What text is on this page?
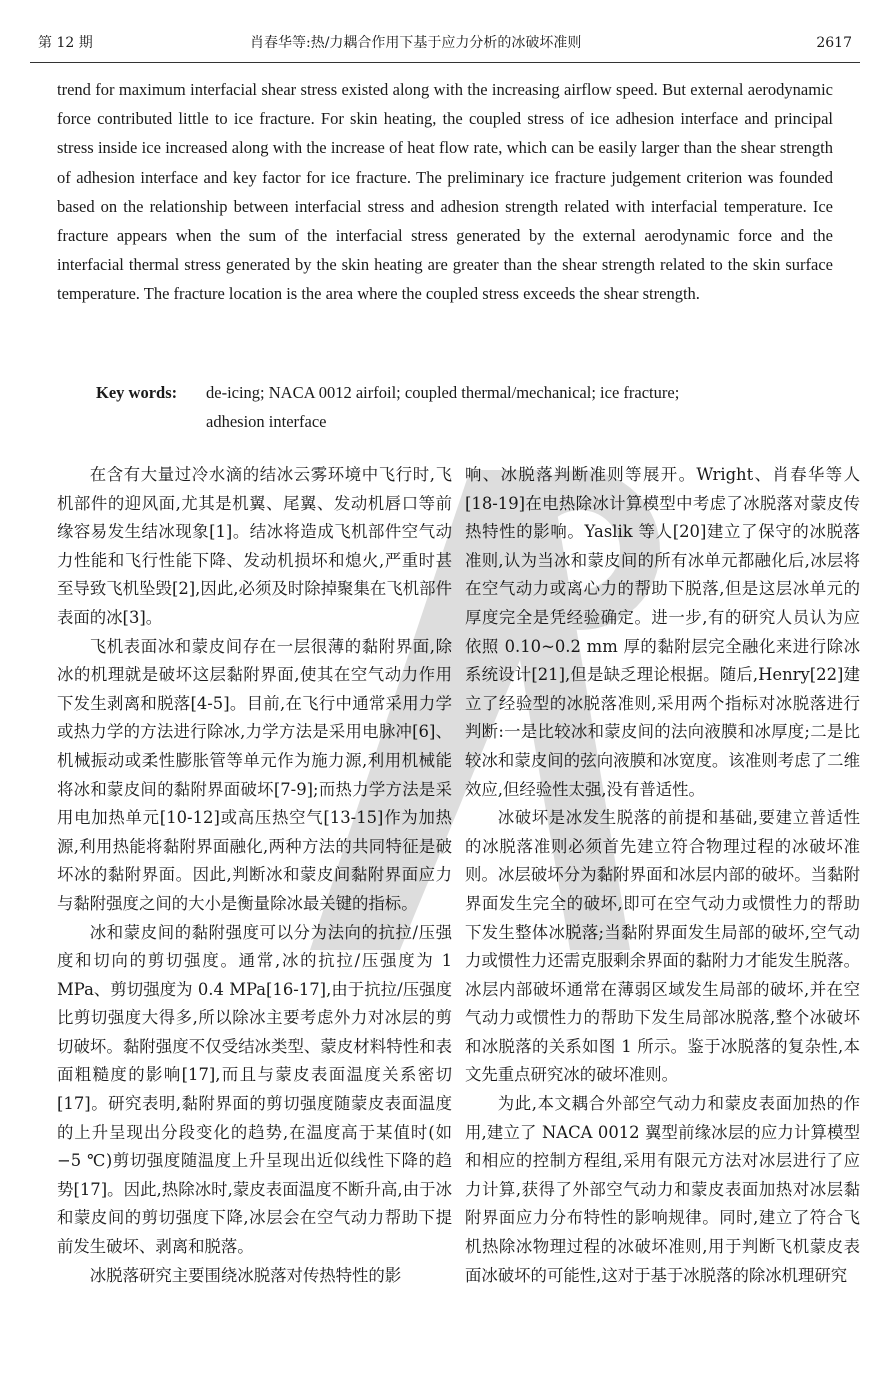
第 12 期	肖春华等:热/力耦合作用下基于应力分析的冰破坏准则	2617

trend for maximum interfacial shear stress existed along with the increasing airflow speed. But external aerodynamic force contributed little to ice fracture. For skin heating, the coupled stress of ice adhesion interface and principal stress inside ice increased along with the increase of heat flow rate, which can be easily larger than the shear strength of adhesion interface and key factor for ice fracture. The preliminary ice fracture judgement criterion was founded based on the relationship between interfacial stress and adhesion strength related with interfacial temperature. Ice fracture appears when the sum of the interfacial stress generated by the external aerodynamic force and the interfacial thermal stress generated by the skin heating are greater than the shear strength related to the skin surface temperature. The fracture location is the area where the coupled stress exceeds the shear strength.

Key words: de-icing; NACA 0012 airfoil; coupled thermal/mechanical; ice fracture;
adhesion interface

在含有大量过冷水滴的结冰云雾环境中飞行时,飞机部件的迎风面,尤其是机翼、尾翼、发动机唇口等前缘容易发生结冰现象[1]。结冰将造成飞机部件空气动力性能和飞行性能下降、发动机损坏和熄火,严重时甚至导致飞机坠毁[2],因此,必须及时除掉聚集在飞机部件表面的冰[3]。

飞机表面冰和蒙皮间存在一层很薄的黏附界面,除冰的机理就是破坏这层黏附界面,使其在空气动力作用下发生剥离和脱落[4-5]。目前,在飞行中通常采用力学或热力学的方法进行除冰,力学方法是采用电脉冲[6]、机械振动或柔性膨胀管等单元作为施力源,利用机械能将冰和蒙皮间的黏附界面破坏[7-9];而热力学方法是采用电加热单元[10-12]或高压热空气[13-15]作为加热源,利用热能将黏附界面融化,两种方法的共同特征是破坏冰的黏附界面。因此,判断冰和蒙皮间黏附界面应力与黏附强度之间的大小是衡量除冰最关键的指标。

冰和蒙皮间的黏附强度可以分为法向的抗拉/压强度和切向的剪切强度。通常,冰的抗拉/压强度为 1 MPa、剪切强度为 0.4 MPa[16-17],由于抗拉/压强度比剪切强度大得多,所以除冰主要考虑外力对冰层的剪切破坏。黏附强度不仅受结冰类型、蒙皮材料特性和表面粗糙度的影响[17],而且与蒙皮表面温度关系密切[17]。研究表明,黏附界面的剪切强度随蒙皮表面温度的上升呈现出分段变化的趋势,在温度高于某值时(如 −5 ℃)剪切强度随温度上升呈现出近似线性下降的趋势[17]。因此,热除冰时,蒙皮表面温度不断升高,由于冰和蒙皮间的剪切强度下降,冰层会在空气动力帮助下提前发生破坏、剥离和脱落。

冰脱落研究主要围绕冰脱落对传热特性的影

响、冰脱落判断准则等展开。Wright、肖春华等人[18-19]在电热除冰计算模型中考虑了冰脱落对蒙皮传热特性的影响。Yaslik 等人[20]建立了保守的冰脱落准则,认为当冰和蒙皮间的所有冰单元都融化后,冰层将在空气动力或离心力的帮助下脱落,但是这层冰单元的厚度完全是凭经验确定。进一步,有的研究人员认为应依照 0.10~0.2 mm 厚的黏附层完全融化来进行除冰系统设计[21],但是缺乏理论根据。随后,Henry[22]建立了经验型的冰脱落准则,采用两个指标对冰脱落进行判断:一是比较冰和蒙皮间的法向液膜和冰厚度;二是比较冰和蒙皮间的弦向液膜和冰宽度。该准则考虑了二维效应,但经验性太强,没有普适性。

冰破坏是冰发生脱落的前提和基础,要建立普适性的冰脱落准则必须首先建立符合物理过程的冰破坏准则。冰层破坏分为黏附界面和冰层内部的破坏。当黏附界面发生完全的破坏,即可在空气动力或惯性力的帮助下发生整体冰脱落;当黏附界面发生局部的破坏,空气动力或惯性力还需克服剩余界面的黏附力才能发生脱落。冰层内部破坏通常在薄弱区域发生局部的破坏,并在空气动力或惯性力的帮助下发生局部冰脱落,整个冰破坏和冰脱落的关系如图 1 所示。鉴于冰脱落的复杂性,本文先重点研究冰的破坏准则。

为此,本文耦合外部空气动力和蒙皮表面加热的作用,建立了 NACA 0012 翼型前缘冰层的应力计算模型和相应的控制方程组,采用有限元方法对冰层进行了应力计算,获得了外部空气动力和蒙皮表面加热对冰层黏附界面应力分布特性的影响规律。同时,建立了符合飞机热除冰物理过程的冰破坏准则,用于判断飞机蒙皮表面冰破坏的可能性,这对于基于冰脱落的除冰机理研究
